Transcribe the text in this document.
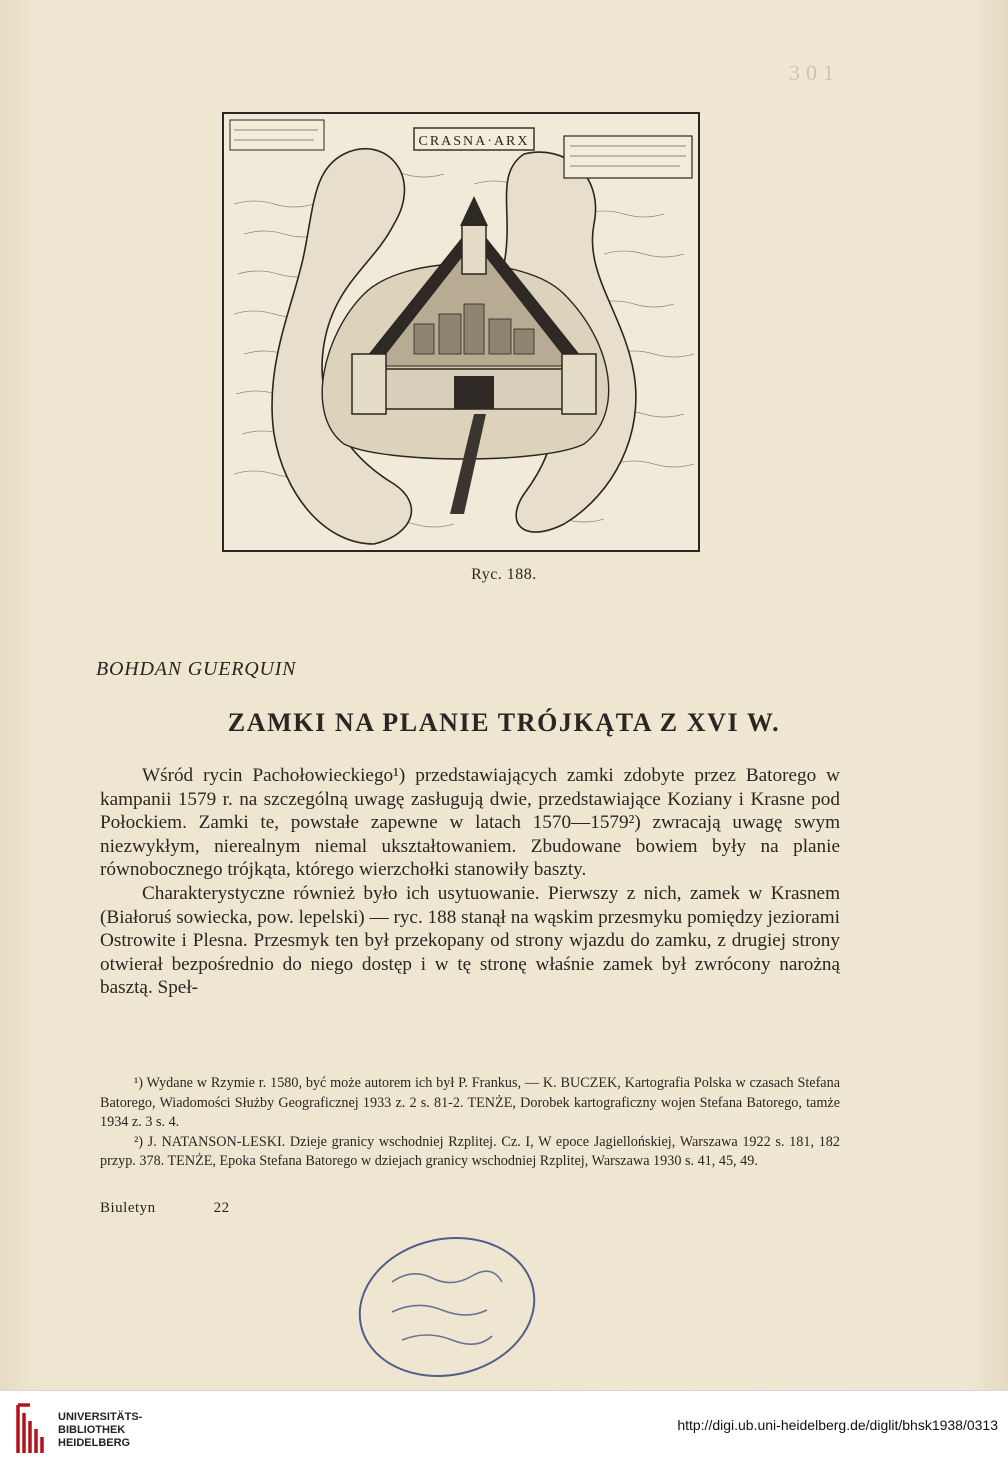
301
CRASNA·ARX
Ryc. 188.
BOHDAN GUERQUIN
ZAMKI NA PLANIE TRÓJKĄTA Z XVI W.

Wśród rycin Pachołowieckiego¹) przedstawiających zamki zdobyte przez Batorego w kampanii 1579 r. na szczególną uwagę zasługują dwie, przedstawiające Koziany i Krasne pod Połockiem. Zamki te, powstałe zapewne w latach 1570—1579²) zwracają uwagę swym niezwykłym, nierealnym niemal ukształtowaniem. Zbudowane bowiem były na planie równobocznego trójkąta, którego wierzchołki stanowiły baszty.

Charakterystyczne również było ich usytuowanie. Pierwszy z nich, zamek w Krasnem (Białoruś sowiecka, pow. lepelski) — ryc. 188 stanął na wąskim przesmyku pomiędzy jeziorami Ostrowite i Plesna. Przesmyk ten był przekopany od strony wjazdu do zamku, z drugiej strony otwierał bezpośrednio do niego dostęp i w tę stronę właśnie zamek był zwrócony narożną basztą. Speł-

¹) Wydane w Rzymie r. 1580, być może autorem ich był P. Frankus, — K. BUCZEK, Kartografia Polska w czasach Stefana Batorego, Wiadomości Służby Geograficznej 1933 z. 2 s. 81-2. TENŻE, Dorobek kartograficzny wojen Stefana Batorego, tamże 1934 z. 3 s. 4.

²) J. NATANSON-LESKI. Dzieje granicy wschodniej Rzplitej. Cz. I, W epoce Jagiellońskiej, Warszawa 1922 s. 181, 182 przyp. 378. TENŻE, Epoka Stefana Batorego w dziejach granicy wschodniej Rzplitej, Warszawa 1930 s. 41, 45, 49.

Biuletyn	22
UNIVERSITÄTS-
BIBLIOTHEK
HEIDELBERG
http://digi.ub.uni-heidelberg.de/diglit/bhsk1938/0313
